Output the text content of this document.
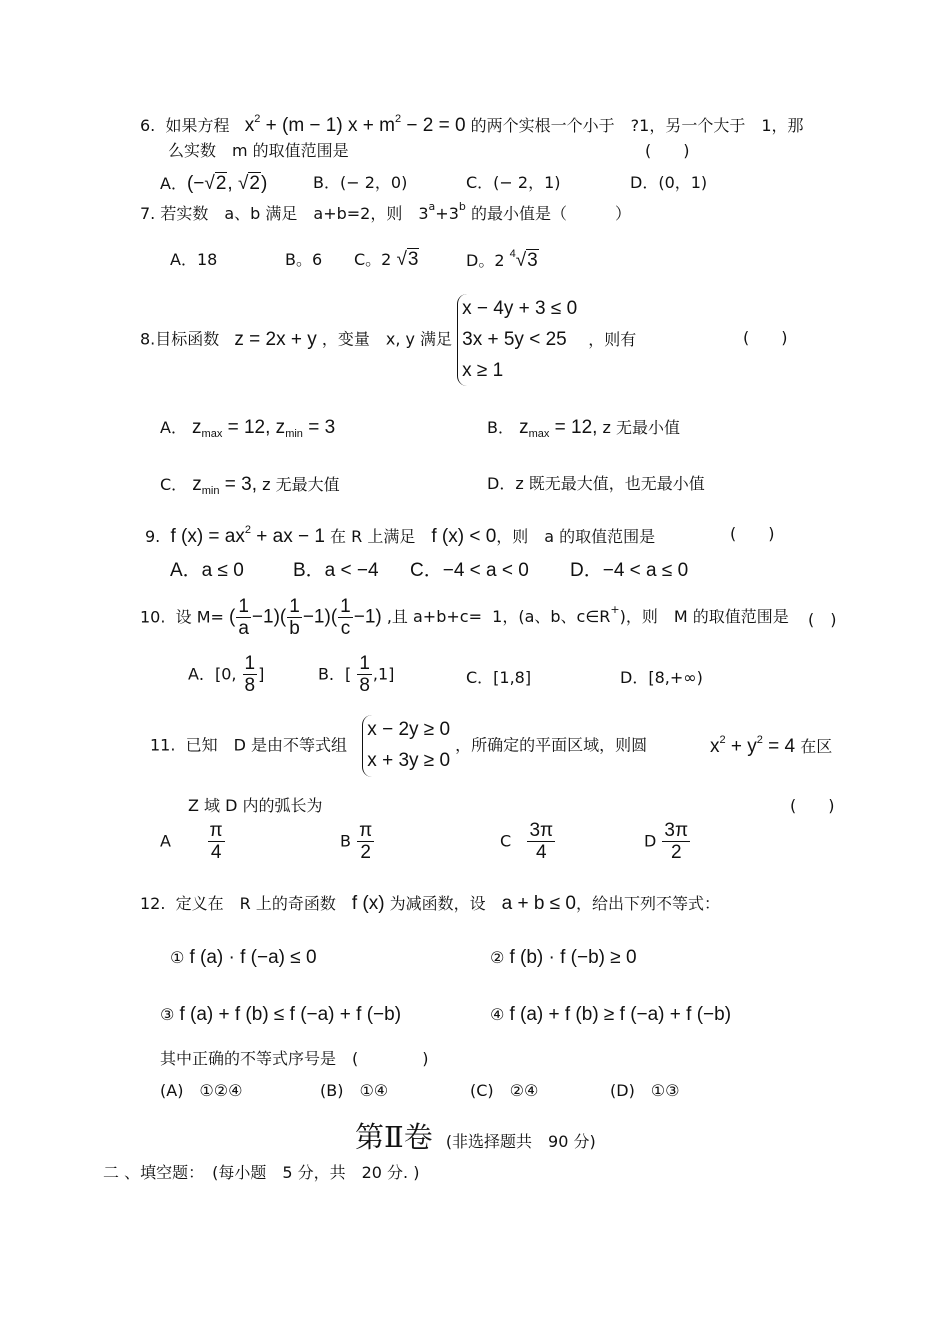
6.  如果方程   $x^2 + (m - 1) x + m^2 - 2 = 0$ 的两个实根一个小于　?1，另一个大于　1，那
么实数　m 的取值范围是	(　　)
A．(−√2, √2)	B．(− 2，0)	C．(− 2，1)	D．(0，1)
7. 若实数　a、b 满足　a+b=2，则　$3^a+3^b$ 的最小值是（　　　）
A．18	B。6 C。2 √3	D。2 $^4$√3
8.目标函数 z = 2x + y ，变量　x, y 满足
x − 4y + 3 ≤ 0
3x + 5y < 25
x ≥ 1
，则有	(　　)
A． $z_{max} = 12$, $z_{min} = 3$	B． $z_{max} = 12$, z 无最小值
C． $z_{min} = 3$, z 无最大值	D．z 既无最大值，也无最小值
9.  f $(x) = ax^2$ + ax − 1 在 R 上满足　f (x) < 0，则　a 的取值范围是	(　　)
A．a ≤ 0	B．a < −4 C．−4 < a < 0 D．−4 < a ≤ 0
10.  设 M= ( $\frac{1}{a} -1)( \frac{1}{b} -1)( \frac{1}{c} -1)$ ,且 a+b+c=  1，(a、b、c∈R+)，则　M 的取值范围是 (　)
A．[0, $\frac{1}{8}$ ]	B．[ $\frac{1}{8} ,1$]	C．[1,8]	D．[8,+∞)
11.  已知　D 是由不等式组
x − 2y ≥ 0
x + 3y ≥ 0
，所确定的平面区域，则圆	$x^2 + y^2 = 4$ 在区
Z 域 D 内的弧长为	(　　)
A $\frac{\pi}{4}$	B $\frac{\pi}{2}$	C $\frac{3\pi}{4}$	D $\frac{3\pi}{2}$
12.  定义在　R 上的奇函数　f (x) 为减函数，设　a + b ≤ 0，给出下列不等式：
① f (a) · f (−a) ≤ 0	② f (b) · f (−b) ≥ 0
③ f (a) + f (b) ≤ f (−a) + f (−b)	④ f (a) + f (b) ≥ f (−a) + f (−b)
其中正确的不等式序号是　(　　　　)
(A)　①②④	(B)　①④	(C)　②④	(D)　①③
第Ⅱ卷 (非选择题共　90 分)
二 、填空题：　(每小题　5 分，共　20 分. )
